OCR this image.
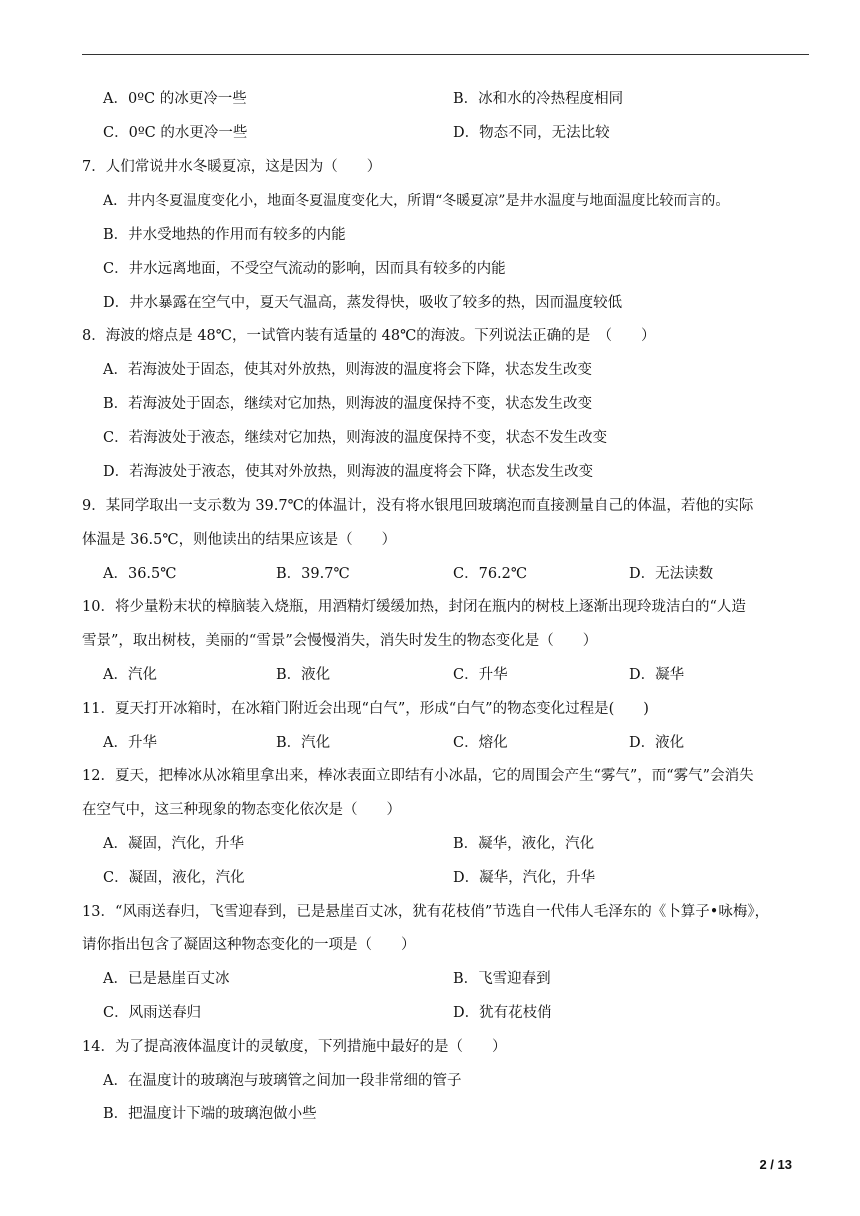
A．0ºC 的冰更冷一些	B．冰和水的冷热程度相同
C．0ºC 的水更冷一些	D．物态不同，无法比较
7．人们常说井水冬暖夏凉，这是因为（　　）
A．井内冬夏温度变化小，地面冬夏温度变化大，所谓“冬暖夏凉”是井水温度与地面温度比较而言的。
B．井水受地热的作用而有较多的内能
C．井水远离地面，不受空气流动的影响，因而具有较多的内能
D．井水暴露在空气中，夏天气温高，蒸发得快，吸收了较多的热，因而温度较低
8．海波的熔点是 48℃，一试管内装有适量的 48℃的海波。下列说法正确的是　（　　）
A．若海波处于固态，使其对外放热，则海波的温度将会下降，状态发生改变
B．若海波处于固态，继续对它加热，则海波的温度保持不变，状态发生改变
C．若海波处于液态，继续对它加热，则海波的温度保持不变，状态不发生改变
D．若海波处于液态，使其对外放热，则海波的温度将会下降，状态发生改变
9．某同学取出一支示数为 39.7℃的体温计，没有将水银甩回玻璃泡而直接测量自己的体温，若他的实际
体温是 36.5℃，则他读出的结果应该是（　　）
A．36.5℃	B．39.7℃	C．76.2℃	D．无法读数
10．将少量粉末状的樟脑装入烧瓶，用酒精灯缓缓加热，封闭在瓶内的树枝上逐渐出现玲珑洁白的“人造
雪景”，取出树枝，美丽的“雪景”会慢慢消失，消失时发生的物态变化是（　　）
A．汽化	B．液化	C．升华	D．凝华
11．夏天打开冰箱时，在冰箱门附近会出现“白气”，形成“白气”的物态变化过程是(　　)
A．升华	B．汽化	C．熔化	D．液化
12．夏天，把棒冰从冰箱里拿出来，棒冰表面立即结有小冰晶，它的周围会产生“雾气”，而“雾气”会消失
在空气中，这三种现象的物态变化依次是（　　）
A．凝固，汽化，升华	B．凝华，液化，汽化
C．凝固，液化，汽化	D．凝华，汽化，升华
13．“风雨送春归，飞雪迎春到，已是悬崖百丈冰，犹有花枝俏”节选自一代伟人毛泽东的《卜算子•咏梅》，
请你指出包含了凝固这种物态变化的一项是（　　）
A．已是悬崖百丈冰	B．飞雪迎春到
C．风雨送春归	D．犹有花枝俏
14．为了提高液体温度计的灵敏度，下列措施中最好的是（　　）
A．在温度计的玻璃泡与玻璃管之间加一段非常细的管子
B．把温度计下端的玻璃泡做小些
2 / 13
